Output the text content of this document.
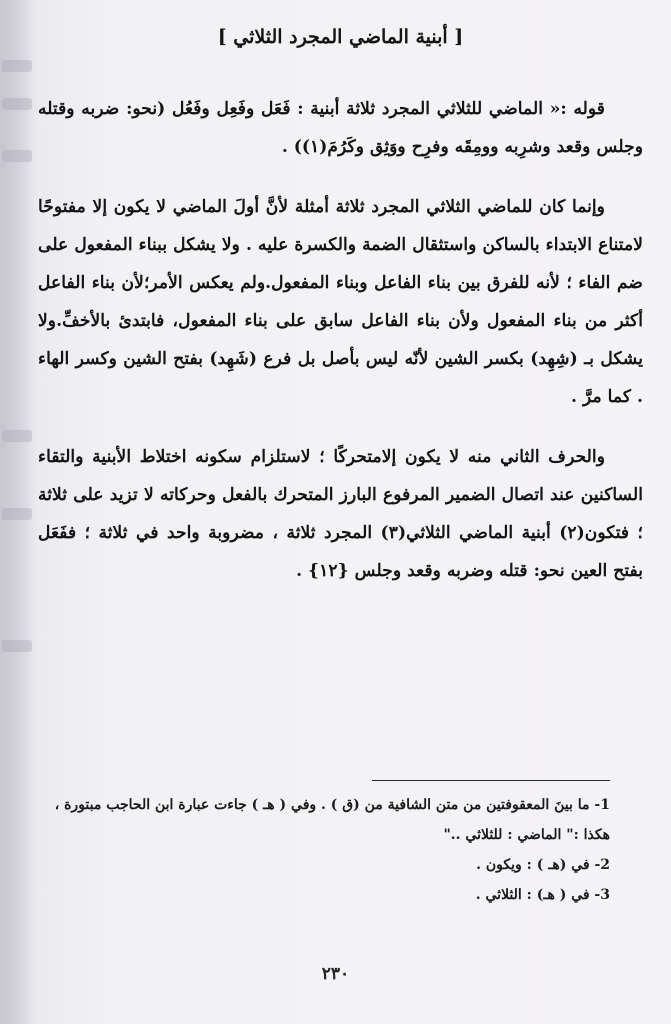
[ أبنية الماضي المجرد الثلاثي ]

قوله :« الماضي للثلاثي المجرد ثلاثة أبنية : فَعَل وفَعِل وفَعُل (نحو: ضربه وقتله وجلس وقعد وشرِبه وومِقَه وفرِح ووَثِق وكَرُمَ(١)) .

وإنما كان للماضي الثلاثي المجرد ثلاثة أمثلة لأنَّ أولَ الماضي لا يكون إلا مفتوحًا لامتناع الابتداء بالساكن واستثقال الضمة والكسرة عليه . ولا يشكل ببناء المفعول على ضم الفاء ؛ لأنه للفرق بين بناء الفاعل وبناء المفعول.ولم يعكس الأمر؛لأن بناء الفاعل أكثر من بناء المفعول ولأن بناء الفاعل سابق على بناء المفعول، فابتدئ بالأخفِّ.ولا يشكل بـ (شِهِد) بكسر الشين لأنّه ليس بأصل بل فرع (شَهِد) بفتح الشين وكسر الهاء . كما مرَّ .

والحرف الثاني منه لا يكون إلامتحركًا ؛ لاستلزام سكونه اختلاط الأبنية والتقاء الساكنين عند اتصال الضمير المرفوع البارز المتحرك بالفعل وحركاته لا تزيد على ثلاثة ؛ فتكون(٢) أبنية الماضي الثلاثي(٣) المجرد ثلاثة ، مضروبة واحد في ثلاثة ؛ ففَعَل بفتح العين نحو: قتله وضربه وقعد وجلس {١٢} .

1- ما بينَ المعقوفتين من متن الشافية من (ق ) . وفي ( هـ ) جاءت عبارة ابن الحاجب مبتورة ، هكذا :" الماضي : للثلاثي .."

2- في (هـ ) : ويكون .

3- في ( هـ) : الثلاثي .

٢٣٠
